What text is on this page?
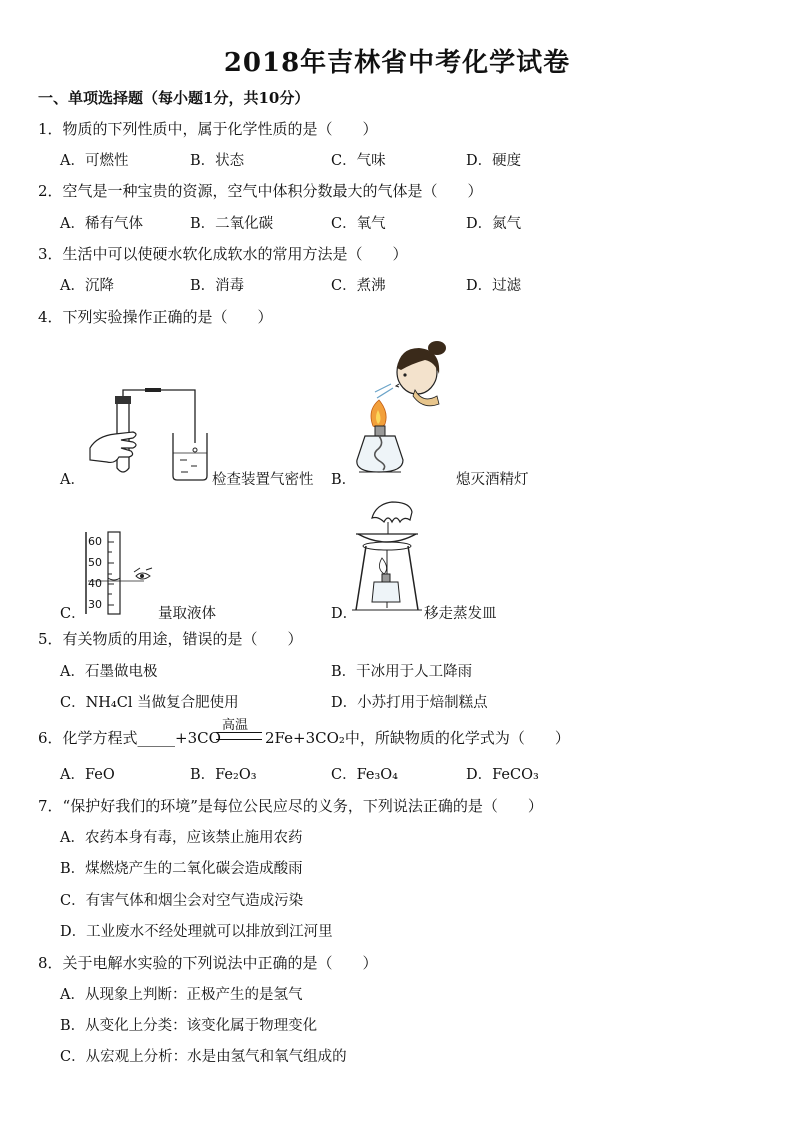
2018年吉林省中考化学试卷
一、单项选择题（每小题1分，共10分）
1．物质的下列性质中，属于化学性质的是（　　）
A．可燃性	B．状态	C．气味	D．硬度
2．空气是一种宝贵的资源，空气中体积分数最大的气体是（　　）
A．稀有气体	B．二氧化碳	C．氧气	D．氮气
3．生活中可以使硬水软化成软水的常用方法是（　　）
A．沉降	B．消毒	C．煮沸	D．过滤
4．下列实验操作正确的是（　　）
A．	检查装置气密性 B．	熄灭酒精灯
60
50
40
30
C．	量取液体	D．	移走蒸发皿
5．有关物质的用途，错误的是（　　）
A．石墨做电极	B．干冰用于人工降雨
C．NH₄Cl 当做复合肥使用	D．小苏打用于焙制糕点
6．化学方程式_____+3CO
高温
2Fe+3CO₂中，所缺物质的化学式为（　　）
A．FeO	B．Fe₂O₃	C．Fe₃O₄	D．FeCO₃
7．“保护好我们的环境”是每位公民应尽的义务，下列说法正确的是（　　）
A．农药本身有毒，应该禁止施用农药
B．煤燃烧产生的二氧化碳会造成酸雨
C．有害气体和烟尘会对空气造成污染
D．工业废水不经处理就可以排放到江河里
8．关于电解水实验的下列说法中正确的是（　　）
A．从现象上判断：正极产生的是氢气
B．从变化上分类：该变化属于物理变化
C．从宏观上分析：水是由氢气和氧气组成的
